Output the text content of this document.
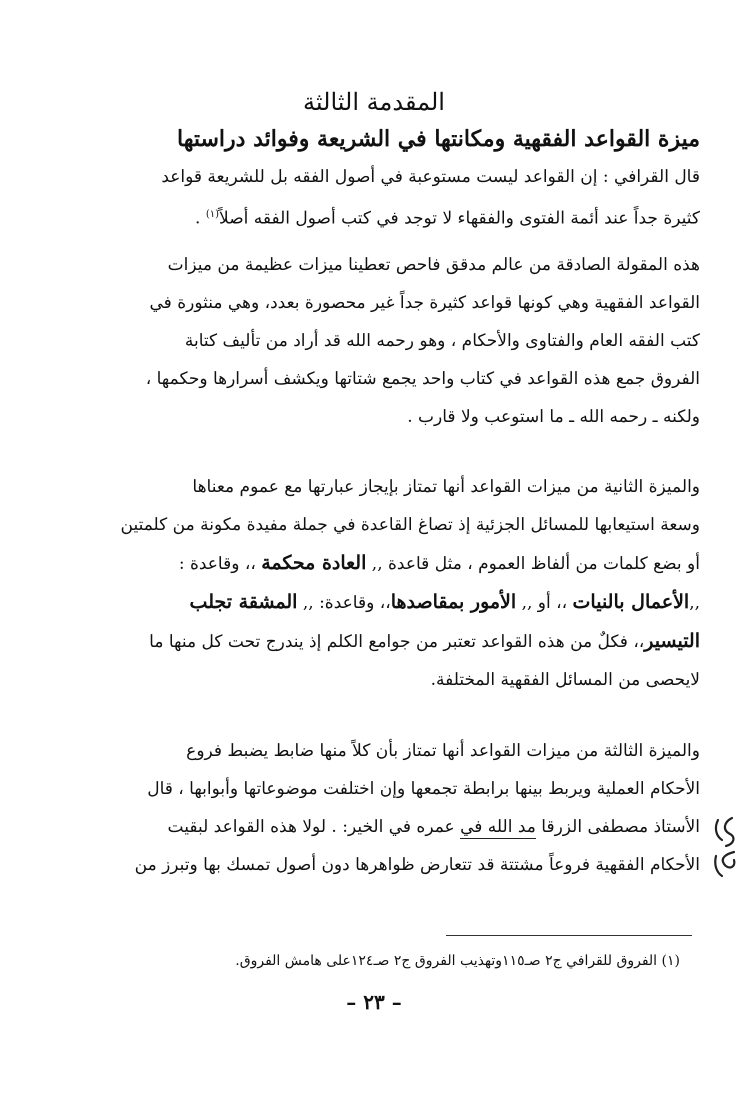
المقدمة الثالثة
ميزة القواعد الفقهية ومكانتها في الشريعة وفوائد دراستها
قال القرافي : إن القواعد ليست مستوعبة في أصول الفقه بل للشريعة قواعد
كثيرة جداً عند أئمة الفتوى والفقهاء لا توجد في كتب أصول الفقه أصلاً$^{(١)}$ .
هذه المقولة الصادقة من عالم مدقق فاحص تعطينا ميزات عظيمة من ميزات
القواعد الفقهية وهي كونها قواعد كثيرة جداً غير محصورة بعدد، وهي منثورة في
كتب الفقه العام والفتاوى والأحكام ، وهو رحمه الله قد أراد من تأليف كتابة
الفروق جمع هذه القواعد في كتاب واحد يجمع شتاتها ويكشف أسرارها وحكمها ،
ولكنه ـ رحمه الله ـ ما استوعب ولا قارب .
والميزة الثانية من ميزات القواعد أنها تمتاز بإيجاز عبارتها مع عموم معناها
وسعة استيعابها للمسائل الجزئية إذ تصاغ القاعدة في جملة مفيدة مكونة من كلمتين
أو بضع كلمات من ألفاظ العموم ، مثل قاعدة ,, العادة محكمة ،، وقاعدة :
,,الأعمال بالنيات ،، أو ,, الأمور بمقاصدها،، وقاعدة: ,, المشقة تجلب
التيسير،، فكلٌ من هذه القواعد تعتبر من جوامع الكلم إذ يندرج تحت كل منها ما
لايحصى من المسائل الفقهية المختلفة.
والميزة الثالثة من ميزات القواعد أنها تمتاز بأن كلاً منها ضابط يضبط فروع
الأحكام العملية ويربط بينها برابطة تجمعها وإن اختلفت موضوعاتها وأبوابها ، قال
الأستاذ مصطفى الزرقا مد الله في عمره في الخير: . لولا هذه القواعد لبقيت
الأحكام الفقهية فروعاً مشتتة قد تتعارض ظواهرها دون أصول تمسك بها وتبرز من
(١) الفروق للقرافي ج٢ صـ١١٥وتهذيب الفروق ج٢ صـ١٢٤على هامش الفروق.
– ٢٣ –
